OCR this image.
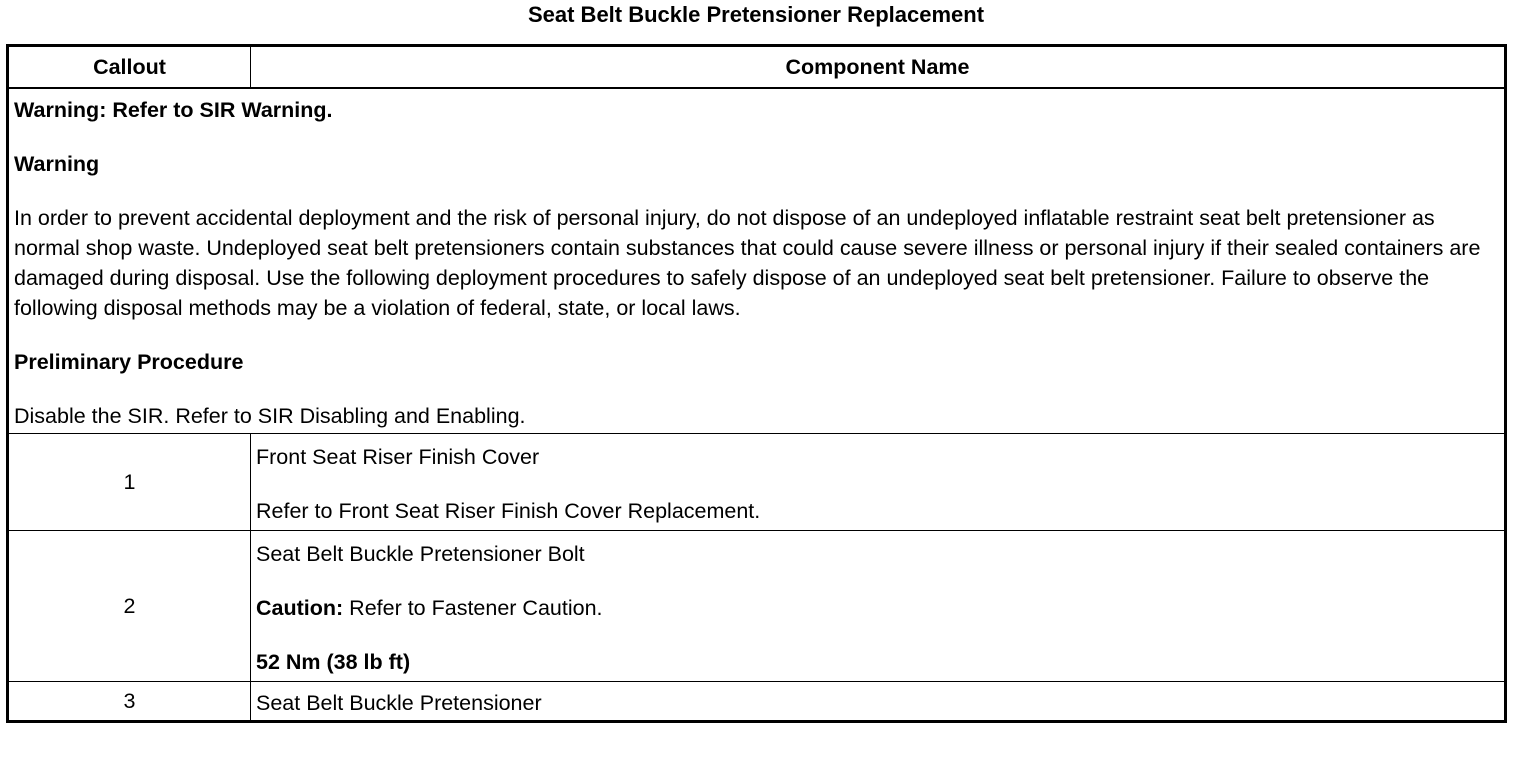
Seat Belt Buckle Pretensioner Replacement
Callout	Component Name

Warning: Refer to SIR Warning.

Warning

In order to prevent accidental deployment and the risk of personal injury, do not dispose of an undeployed inflatable restraint seat belt pretensioner as normal shop waste. Undeployed seat belt pretensioners contain substances that could cause severe illness or personal injury if their sealed containers are damaged during disposal. Use the following deployment procedures to safely dispose of an undeployed seat belt pretensioner. Failure to observe the following disposal methods may be a violation of federal, state, or local laws.

Preliminary Procedure

Disable the SIR. Refer to SIR Disabling and Enabling.	

1	Front Seat Riser Finish Cover

Refer to Front Seat Riser Finish Cover Replacement.

2	Seat Belt Buckle Pretensioner Bolt

Caution: Refer to Fastener Caution.

52 Nm (38 lb ft)

3	Seat Belt Buckle Pretensioner
